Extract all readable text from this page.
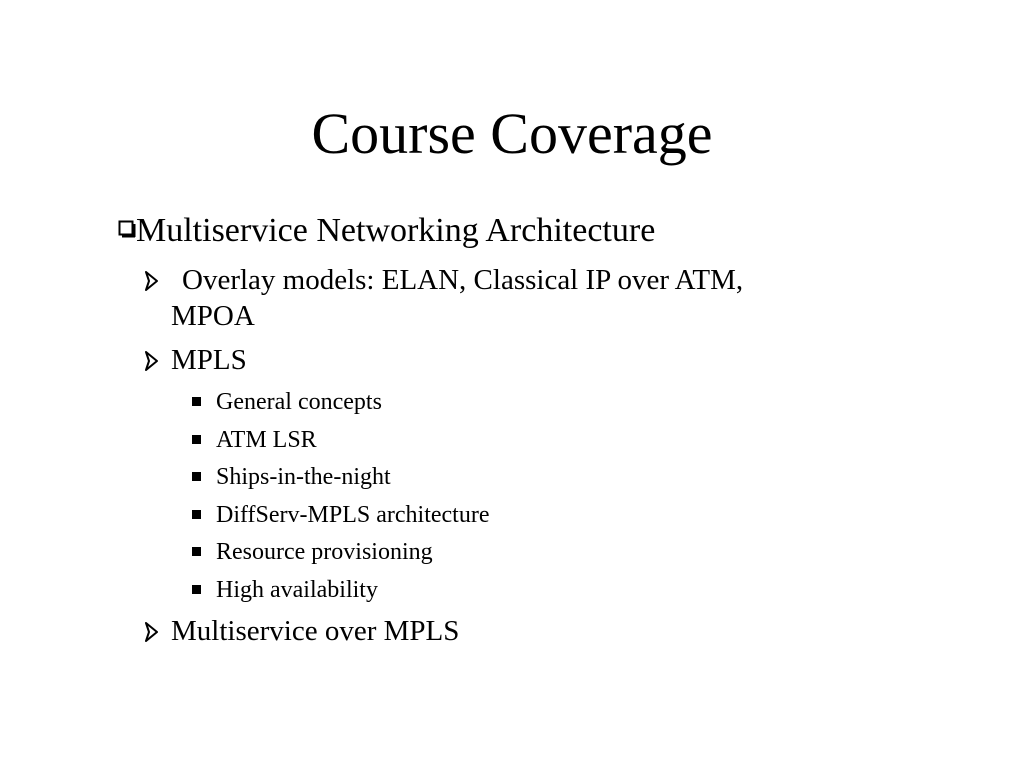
Course Coverage
Multiservice Networking Architecture
Overlay models: ELAN, Classical IP over ATM,
MPOA
MPLS
General concepts
ATM LSR
Ships-in-the-night
DiffServ-MPLS architecture
Resource provisioning
High availability
Multiservice over MPLS
